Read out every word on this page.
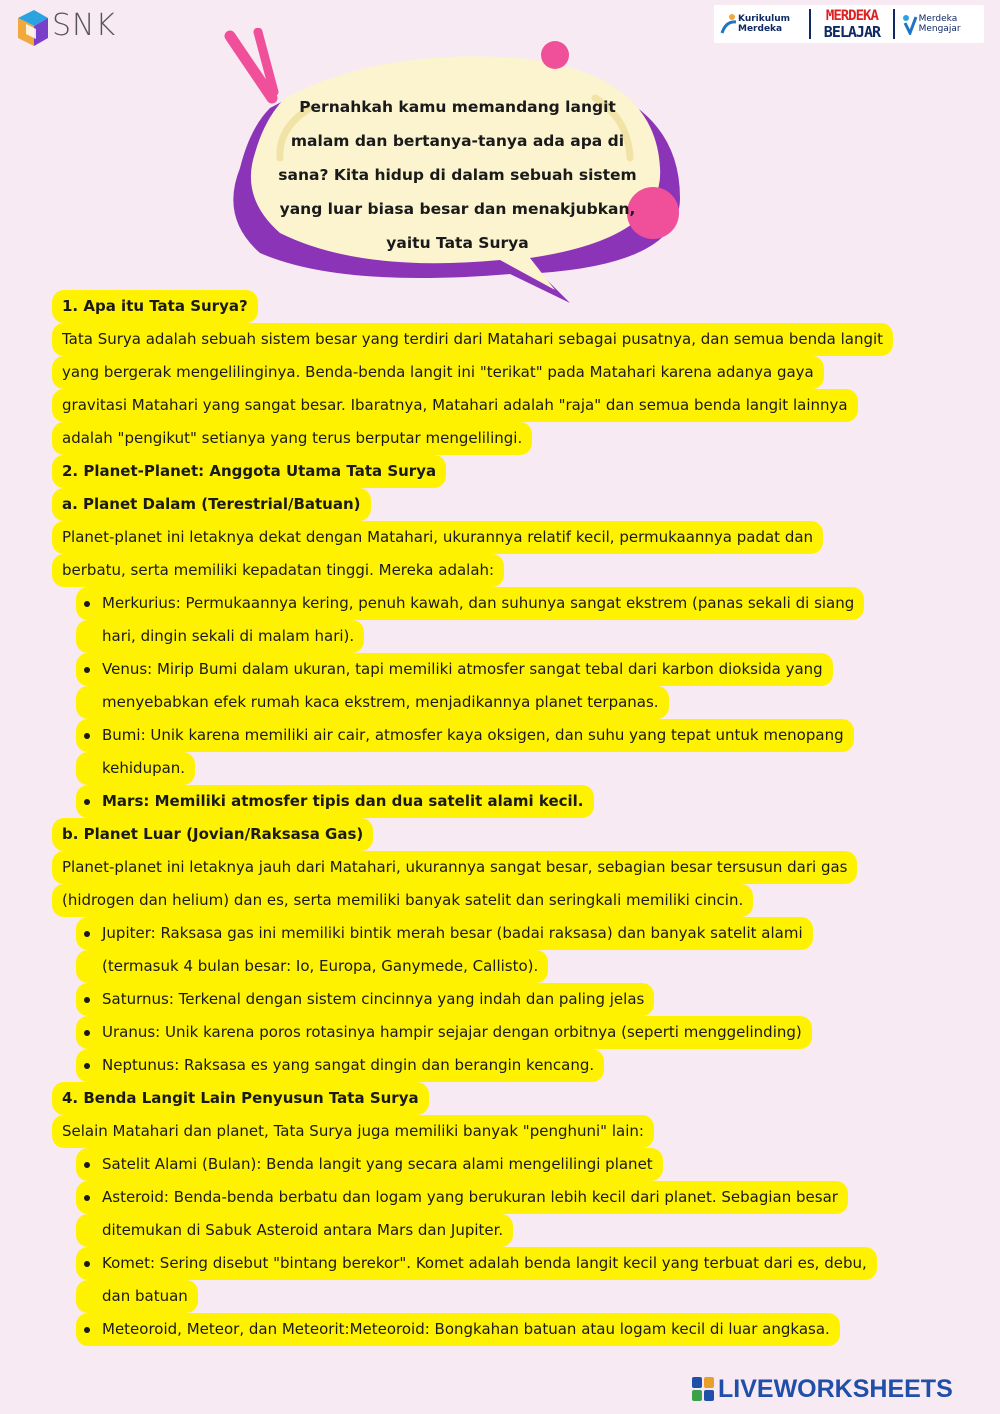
SNK	Kurikulum
Merdeka
MERDEKA
BELAJAR
Merdeka
Mengajar
Pernahkah kamu memandang langit malam dan bertanya-tanya ada apa di sana? Kita hidup di dalam sebuah sistem yang luar biasa besar dan menakjubkan, yaitu Tata Surya
1. Apa itu Tata Surya?
Tata Surya adalah sebuah sistem besar yang terdiri dari Matahari sebagai pusatnya, dan semua benda langit
yang bergerak mengelilinginya. Benda-benda langit ini "terikat" pada Matahari karena adanya gaya
gravitasi Matahari yang sangat besar. Ibaratnya, Matahari adalah "raja" dan semua benda langit lainnya
adalah "pengikut" setianya yang terus berputar mengelilingi.
2. Planet-Planet: Anggota Utama Tata Surya
a. Planet Dalam (Terestrial/Batuan)
Planet-planet ini letaknya dekat dengan Matahari, ukurannya relatif kecil, permukaannya padat dan
berbatu, serta memiliki kepadatan tinggi. Mereka adalah:
Merkurius: Permukaannya kering, penuh kawah, dan suhunya sangat ekstrem (panas sekali di siang
hari, dingin sekali di malam hari).
Venus: Mirip Bumi dalam ukuran, tapi memiliki atmosfer sangat tebal dari karbon dioksida yang
menyebabkan efek rumah kaca ekstrem, menjadikannya planet terpanas.
Bumi: Unik karena memiliki air cair, atmosfer kaya oksigen, dan suhu yang tepat untuk menopang
kehidupan.
Mars: Memiliki atmosfer tipis dan dua satelit alami kecil.
b. Planet Luar (Jovian/Raksasa Gas)
Planet-planet ini letaknya jauh dari Matahari, ukurannya sangat besar, sebagian besar tersusun dari gas
(hidrogen dan helium) dan es, serta memiliki banyak satelit dan seringkali memiliki cincin.
Jupiter: Raksasa gas ini memiliki bintik merah besar (badai raksasa) dan banyak satelit alami
(termasuk 4 bulan besar: Io, Europa, Ganymede, Callisto).
Saturnus: Terkenal dengan sistem cincinnya yang indah dan paling jelas
Uranus: Unik karena poros rotasinya hampir sejajar dengan orbitnya (seperti menggelinding)
Neptunus: Raksasa es yang sangat dingin dan berangin kencang.
4. Benda Langit Lain Penyusun Tata Surya
Selain Matahari dan planet, Tata Surya juga memiliki banyak "penghuni" lain:
Satelit Alami (Bulan): Benda langit yang secara alami mengelilingi planet
Asteroid: Benda-benda berbatu dan logam yang berukuran lebih kecil dari planet. Sebagian besar
ditemukan di Sabuk Asteroid antara Mars dan Jupiter.
Komet: Sering disebut "bintang berekor". Komet adalah benda langit kecil yang terbuat dari es, debu,
dan batuan
Meteoroid, Meteor, dan Meteorit:Meteoroid: Bongkahan batuan atau logam kecil di luar angkasa.
LIVEWORKSHEETS
